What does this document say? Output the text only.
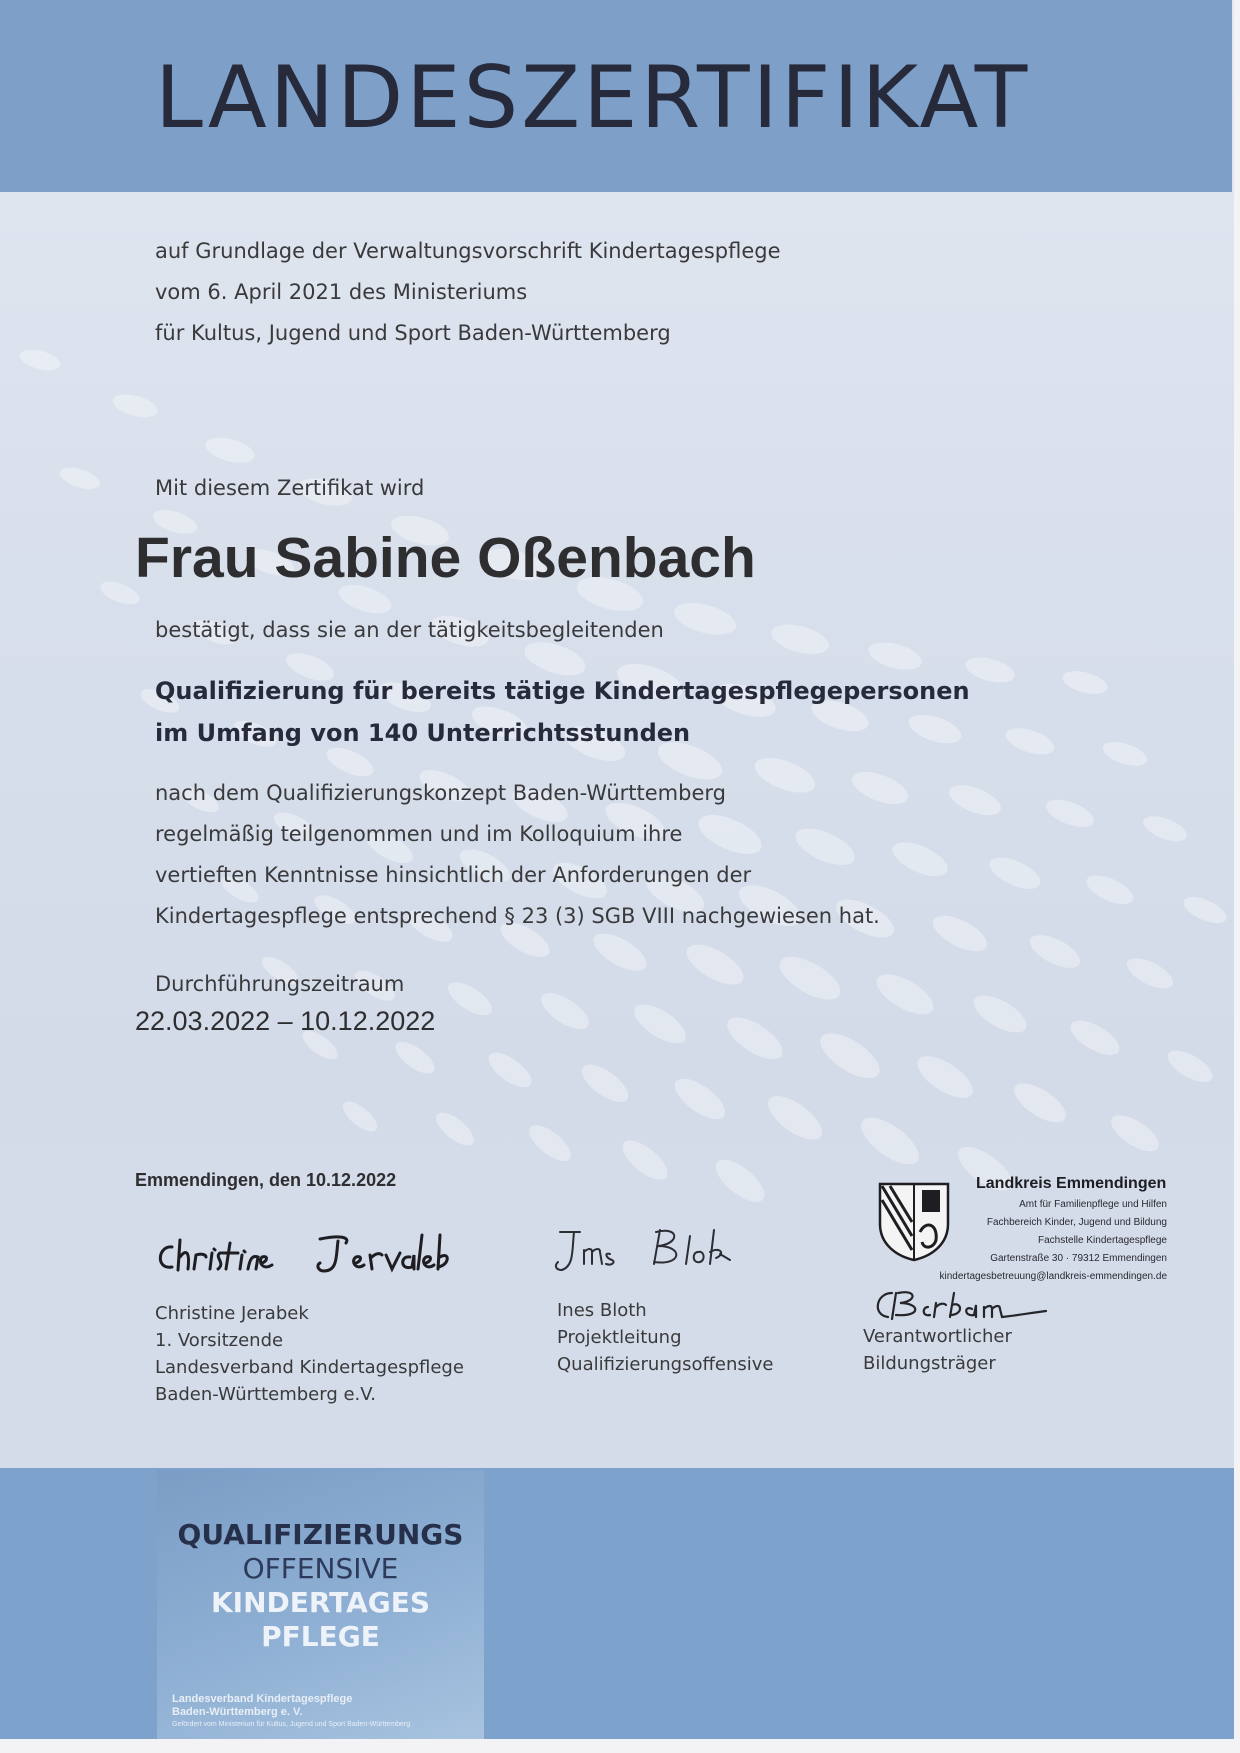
LANDESZERTIFIKAT
auf Grundlage der Verwaltungsvorschrift Kindertagespflege
vom 6. April 2021 des Ministeriums
für Kultus, Jugend und Sport Baden-Württemberg
Mit diesem Zertifikat wird
Frau Sabine Oßenbach
bestätigt, dass sie an der tätigkeitsbegleitenden
Qualifizierung für bereits tätige Kindertagespflegepersonen
im Umfang von 140 Unterrichtsstunden
nach dem Qualifizierungskonzept Baden-Württemberg
regelmäßig teilgenommen und im Kolloquium ihre
vertieften Kenntnisse hinsichtlich der Anforderungen der
Kindertagespflege entsprechend § 23 (3) SGB VIII nachgewiesen hat.
Durchführungszeitraum
22.03.2022 – 10.12.2022
Emmendingen, den 10.12.2022
Christine Jerabek
1. Vorsitzende
Landesverband Kindertagespflege
Baden-Württemberg e.V.
Ines Bloth
Projektleitung
Qualifizierungsoffensive
Verantwortlicher
Bildungsträger
Landkreis Emmendingen
Amt für Familienpflege und Hilfen
Fachbereich Kinder, Jugend und Bildung
Fachstelle Kindertagespflege
Gartenstraße 30 · 79312 Emmendingen
kindertagesbetreuung@landkreis-emmendingen.de
QUALIFIZIERUNGS
OFFENSIVE
KINDERTAGES
PFLEGE
Landesverband Kindertagespflege
Baden-Württemberg e. V.
Gefördert vom Ministerium für Kultus, Jugend und Sport Baden-Württemberg
